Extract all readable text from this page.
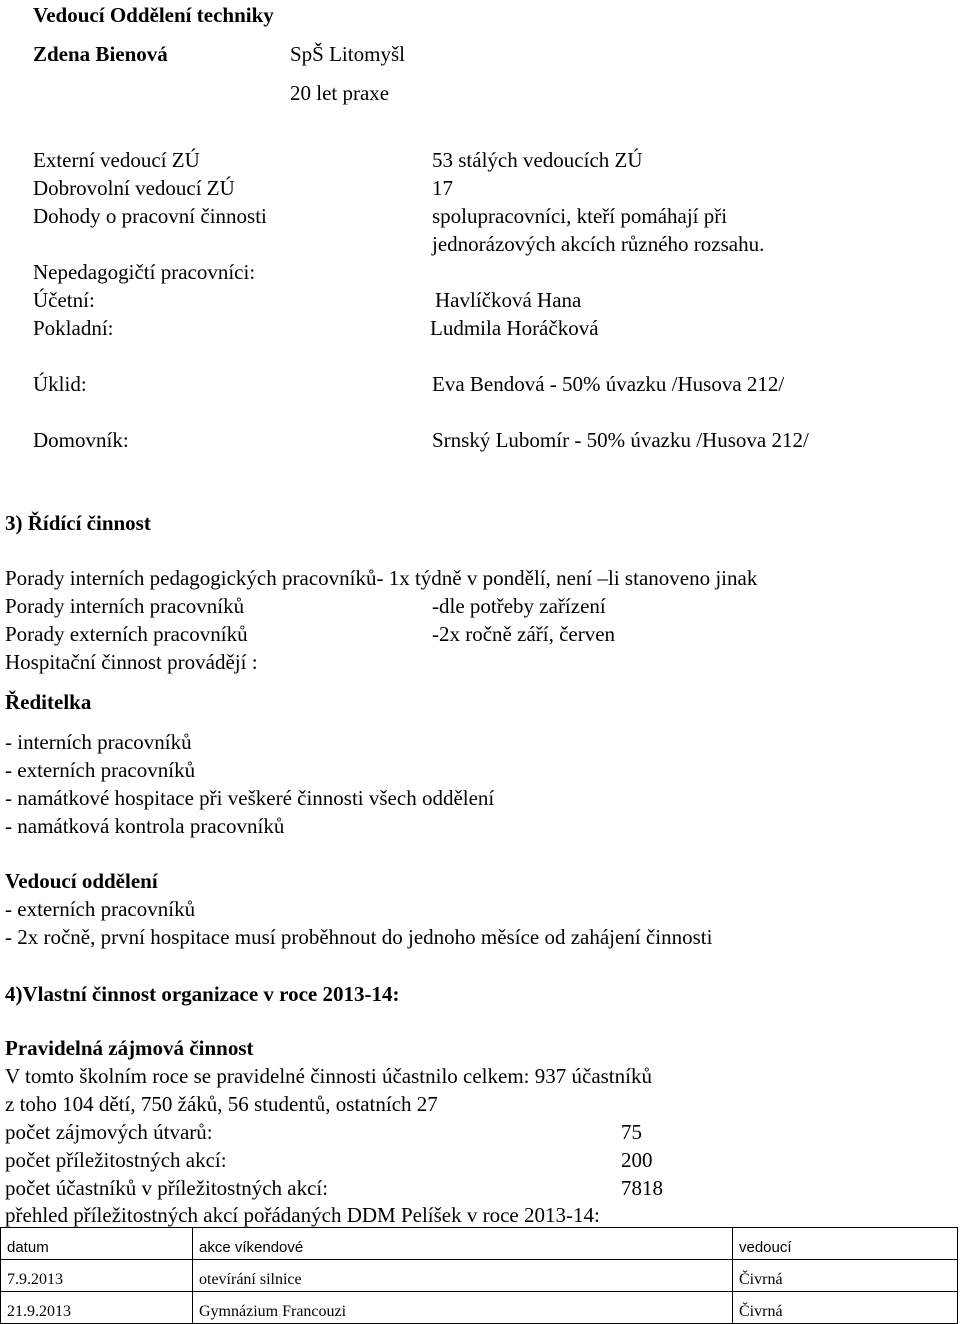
Vedoucí Oddělení techniky
Zdena Bienová	SpŠ Litomyšl
20 let praxe
Externí vedoucí ZÚ	53 stálých vedoucích ZÚ
Dobrovolní vedoucí ZÚ	17
Dohody o pracovní činnosti	spolupracovníci, kteří pomáhají při
jednorázových akcích různého rozsahu.
Nepedagogičtí pracovníci:
Účetní:	Havlíčková Hana
Pokladní:	Ludmila Horáčková
Úklid:	Eva Bendová - 50% úvazku /Husova 212/
Domovník:	Srnský Lubomír - 50% úvazku /Husova 212/
3) Řídící činnost
Porady interních pedagogických pracovníků- 1x týdně v pondělí, není –li stanoveno jinak
Porady interních pracovníků	-dle potřeby zařízení
Porady externích pracovníků	-2x ročně září, červen
Hospitační činnost provádějí :
Ředitelka
- interních pracovníků
- externích pracovníků
- namátkové hospitace při veškeré činnosti všech oddělení
- namátková kontrola pracovníků
Vedoucí oddělení
- externích pracovníků
- 2x ročně, první hospitace musí proběhnout do jednoho měsíce od zahájení činnosti
4)Vlastní činnost organizace v roce 2013-14:
Pravidelná zájmová činnost
V tomto školním roce se pravidelné činnosti účastnilo celkem: 937 účastníků
z toho 104 dětí, 750 žáků, 56 studentů, ostatních 27
počet zájmových útvarů:	75
počet příležitostných akcí:	200
počet účastníků v příležitostných akcí:	7818
přehled příležitostných akcí pořádaných DDM Pelíšek v roce 2013-14:
datum	akce víkendové	vedoucí
7.9.2013	otevírání silnice	Čivrná
21.9.2013	Gymnázium Francouzi	Čivrná
